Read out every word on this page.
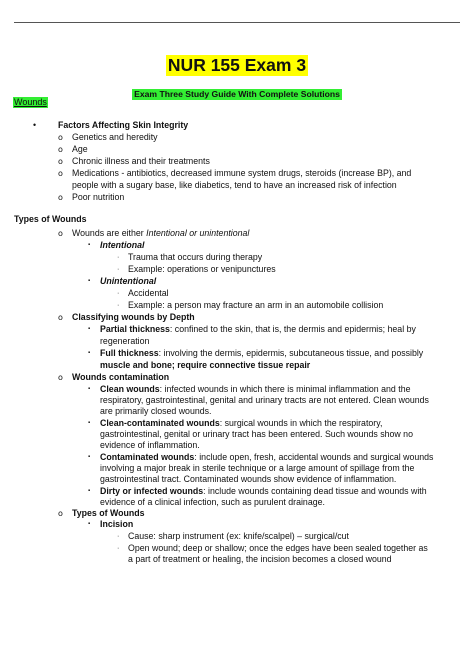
NUR 155 Exam 3
Exam Three Study Guide With Complete Solutions
Wounds
• Factors Affecting Skin Integrity
o Genetics and heredity
o Age
o Chronic illness and their treatments
o Medications - antibiotics, decreased immune system drugs, steroids (increase BP), and
people with a sugary base, like diabetics, tend to have an increased risk of infection
o Poor nutrition
Types of Wounds
o Wounds are either Intentional or unintentional
▪ Intentional
· Trauma that occurs during therapy
· Example: operations or venipunctures
▪ Unintentional
· Accidental
· Example: a person may fracture an arm in an automobile collision
o Classifying wounds by Depth
▪ Partial thickness: confined to the skin, that is, the dermis and epidermis; heal by
regeneration
▪ Full thickness: involving the dermis, epidermis, subcutaneous tissue, and possibly
muscle and bone; require connective tissue repair
o Wounds contamination
▪ Clean wounds: infected wounds in which there is minimal inflammation and the
respiratory, gastrointestinal, genital and urinary tracts are not entered. Clean wounds
are primarily closed wounds.
▪ Clean-contaminated wounds: surgical wounds in which the respiratory,
gastrointestinal, genital or urinary tract has been entered. Such wounds show no
evidence of inflammation.
▪ Contaminated wounds: include open, fresh, accidental wounds and surgical wounds
involving a major break in sterile technique or a large amount of spillage from the
gastrointestinal tract. Contaminated wounds show evidence of inflammation.
▪ Dirty or infected wounds: include wounds containing dead tissue and wounds with
evidence of a clinical infection, such as purulent drainage.
o Types of Wounds
▪ Incision
· Cause: sharp instrument (ex: knife/scalpel) – surgical/cut
· Open wound; deep or shallow; once the edges have been sealed together as
a part of treatment or healing, the incision becomes a closed wound
